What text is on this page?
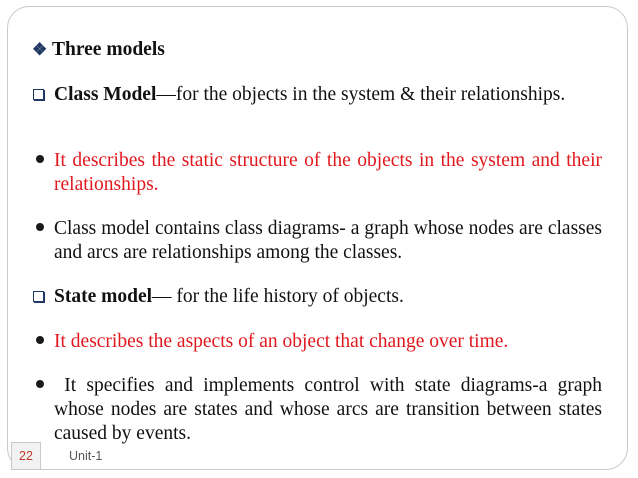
❖ Three models
Class Model—for the objects in the system & their relationships.
It describes the static structure of the objects in the system and their relationships.
Class model contains class diagrams- a graph whose nodes are classes and arcs are relationships among the classes.
State model— for the life history of objects.
It describes the aspects of an object that change over time.
It specifies and implements control with state diagrams-a graph whose nodes are states and whose arcs are transition between states caused by events.
22	Unit-1
